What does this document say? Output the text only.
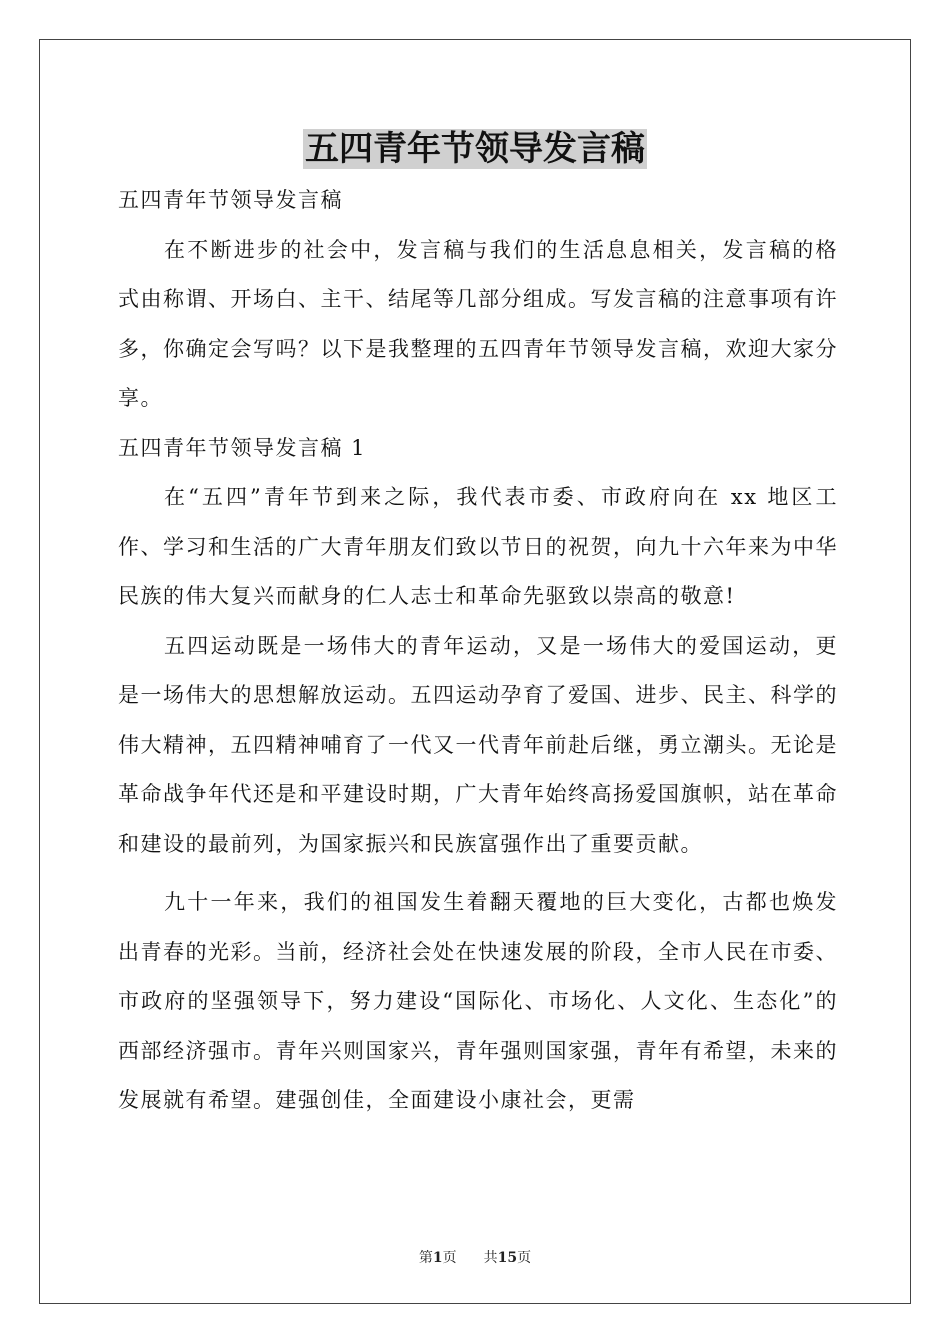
五四青年节领导发言稿

五四青年节领导发言稿

在不断进步的社会中，发言稿与我们的生活息息相关，发言稿的格式由称谓、开场白、主干、结尾等几部分组成。写发言稿的注意事项有许多，你确定会写吗？以下是我整理的五四青年节领导发言稿，欢迎大家分享。

五四青年节领导发言稿 1

在“五四”青年节到来之际，我代表市委、市政府向在 xx 地区工作、学习和生活的广大青年朋友们致以节日的祝贺，向九十六年来为中华民族的伟大复兴而献身的仁人志士和革命先驱致以崇高的敬意!

五四运动既是一场伟大的青年运动，又是一场伟大的爱国运动，更是一场伟大的思想解放运动。五四运动孕育了爱国、进步、民主、科学的伟大精神，五四精神哺育了一代又一代青年前赴后继，勇立潮头。无论是革命战争年代还是和平建设时期，广大青年始终高扬爱国旗帜，站在革命和建设的最前列，为国家振兴和民族富强作出了重要贡献。

九十一年来，我们的祖国发生着翻天覆地的巨大变化，古都也焕发出青春的光彩。当前，经济社会处在快速发展的阶段，全市人民在市委、市政府的坚强领导下，努力建设“国际化、市场化、人文化、生态化”的西部经济强市。青年兴则国家兴，青年强则国家强，青年有希望，未来的发展就有希望。建强创佳，全面建设小康社会，更需

第1页 共15页
